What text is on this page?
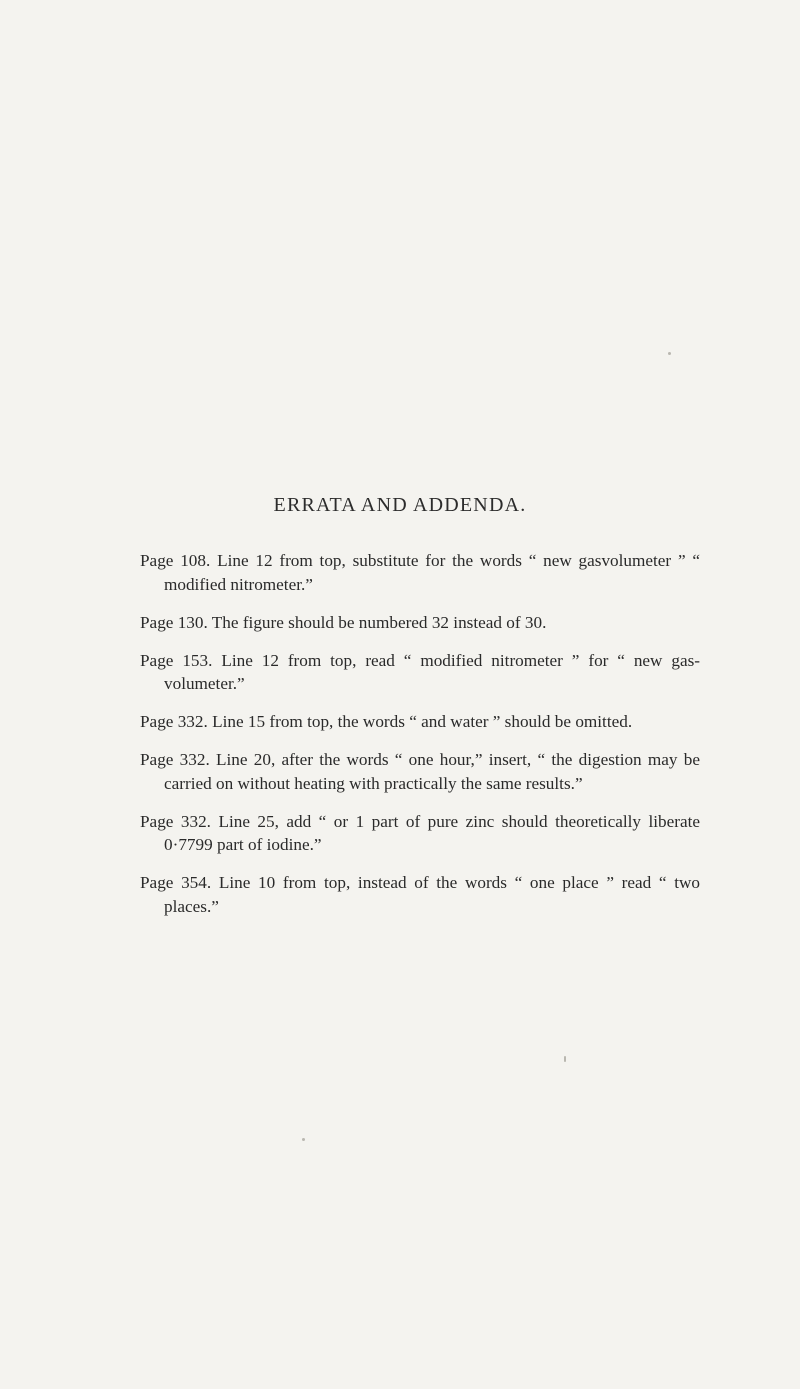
ERRATA AND ADDENDA.

Page 108. Line 12 from top, substitute for the words “ new gasvolumeter ” “ modified nitrometer.”

Page 130. The figure should be numbered 32 instead of 30.

Page 153. Line 12 from top, read “ modified nitrometer ” for “ new gas-volumeter.”

Page 332. Line 15 from top, the words “ and water ” should be omitted.

Page 332. Line 20, after the words “ one hour,” insert, “ the digestion may be carried on without heating with practically the same results.”

Page 332. Line 25, add “ or 1 part of pure zinc should theoretically liberate 0·7799 part of iodine.”

Page 354. Line 10 from top, instead of the words “ one place ” read “ two places.”
